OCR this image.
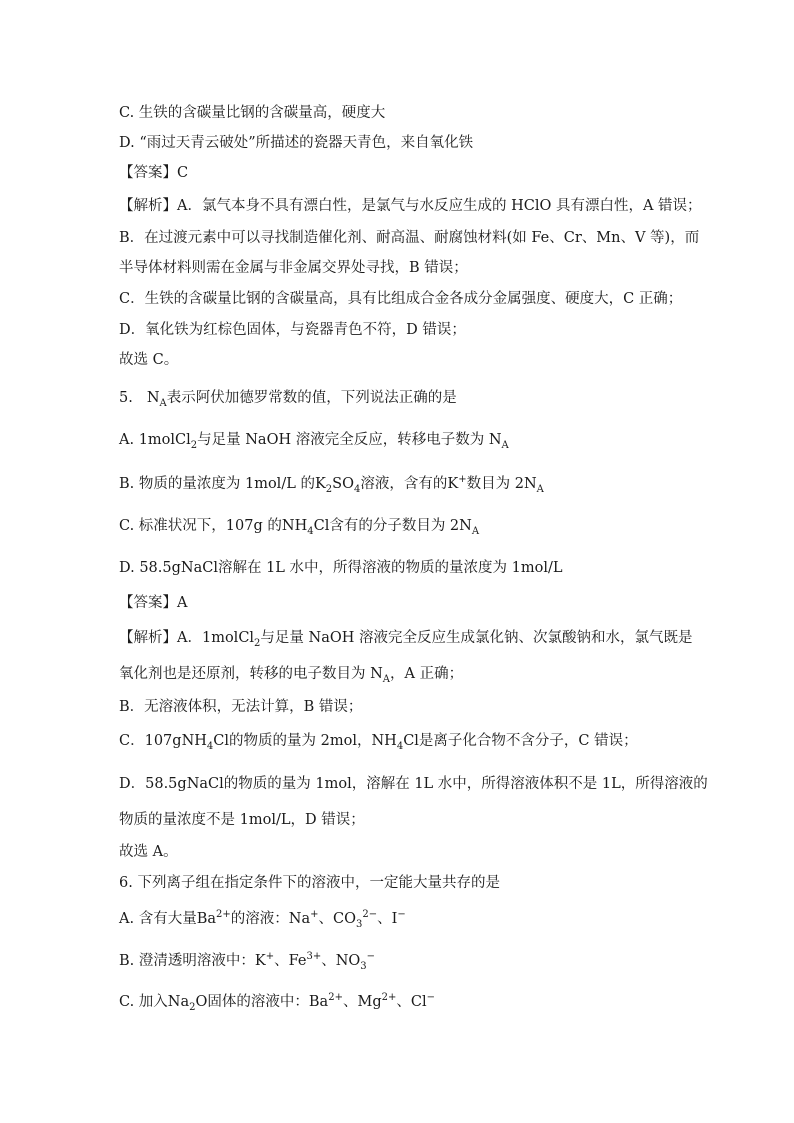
C. 生铁的含碳量比钢的含碳量高，硬度大
D. “雨过天青云破处”所描述的瓷器天青色，来自氧化铁
【答案】C
【解析】A．氯气本身不具有漂白性，是氯气与水反应生成的 HClO 具有漂白性，A 错误；
B．在过渡元素中可以寻找制造催化剂、耐高温、耐腐蚀材料(如 Fe、Cr、Mn、V 等)，而
半导体材料则需在金属与非金属交界处寻找，B 错误；
C．生铁的含碳量比钢的含碳量高，具有比组成合金各成分金属强度、硬度大，C 正确；
D．氧化铁为红棕色固体，与瓷器青色不符，D 错误；
故选 C。
5. $N_A$表示阿伏加德罗常数的值，下列说法正确的是
A. 1molCl$_2$与足量 NaOH 溶液完全反应，转移电子数为 $N_A$
B. 物质的量浓度为 1mol/L 的$K_2SO_4$溶液，含有的K+数目为 $2N_A$
C. 标准状况下，107g 的$NH_4Cl$含有的分子数目为 $2N_A$
D. 58.5gNaCl溶解在 1L 水中，所得溶液的物质的量浓度为 1mol/L
【答案】A
【解析】A．1molCl$_2$与足量 NaOH 溶液完全反应生成氯化钠、次氯酸钠和水，氯气既是
氧化剂也是还原剂，转移的电子数目为 $N_A$，A 正确；
B．无溶液体积，无法计算，B 错误；
C．107gNH$_4$Cl的物质的量为 2mol，$NH_4Cl$是离子化合物不含分子，C 错误；
D．58.5gNaCl的物质的量为 1mol，溶解在 1L 水中，所得溶液体积不是 1L，所得溶液的
物质的量浓度不是 1mol/L，D 错误；
故选 A。
6. 下列离子组在指定条件下的溶液中，一定能大量共存的是
A. 含有大量$Ba^{2+}$的溶液：Na+、$CO_3^{2-}$、I−
B. 澄清透明溶液中：K+、$Fe^{3+}$、$NO_3^-$
C. 加入$Na_2O$固体的溶液中：$Ba^{2+}$、$Mg^{2+}$、Cl−
